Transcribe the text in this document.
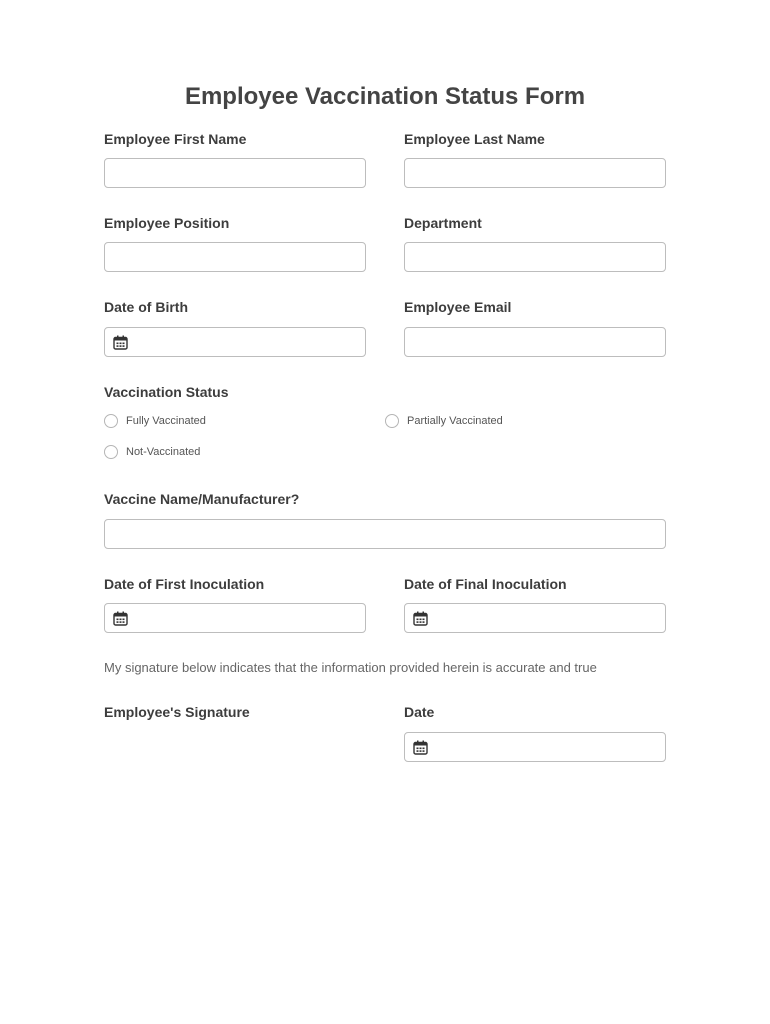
Employee Vaccination Status Form
Employee First Name	Employee Last Name
Employee Position	Department
Date of Birth	Employee Email
Vaccination Status
Fully Vaccinated	Partially Vaccinated
Not-Vaccinated
Vaccine Name/Manufacturer?
Date of First Inoculation	Date of Final Inoculation
My signature below indicates that the information provided herein is accurate and true
Employee's Signature	Date
